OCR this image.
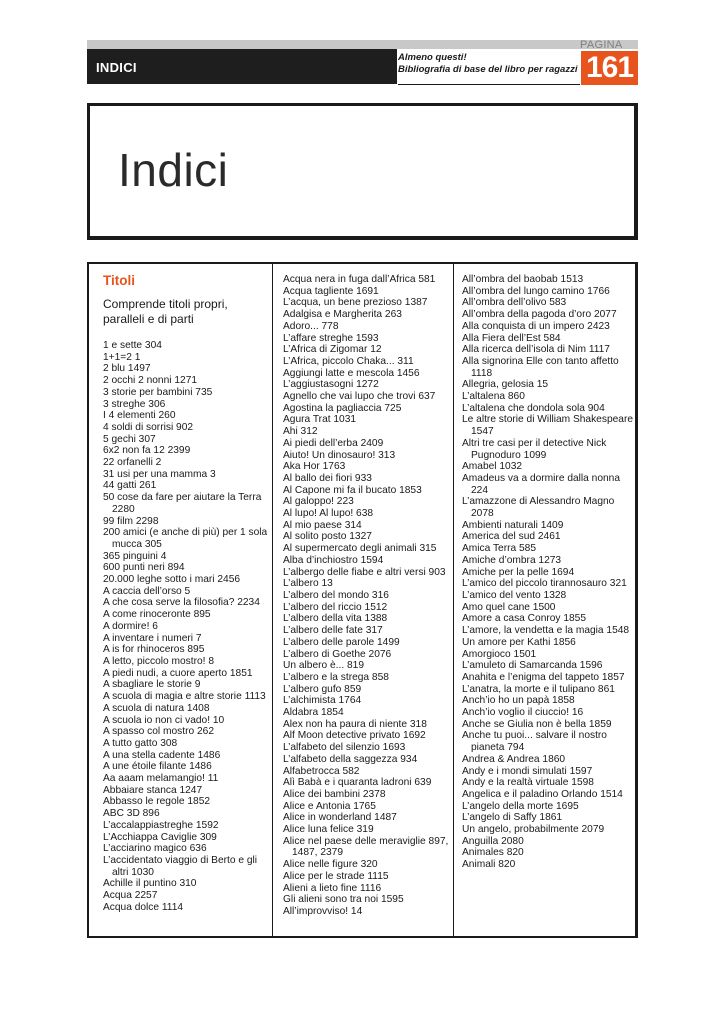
PAGINA
INDICI
Almeno questi!
Bibliografia di base del libro per ragazzi 161
Indici
Titoli
Comprende titoli propri, paralleli e di parti
1 e sette 304
1+1=2 1
2 blu 1497
2 occhi 2 nonni 1271
3 storie per bambini 735
3 streghe 306
I 4 elementi 260
4 soldi di sorrisi 902
5 gechi 307
6x2 non fa 12 2399
22 orfanelli 2
31 usi per una mamma 3
44 gatti 261
50 cose da fare per aiutare la Terra 2280
99 film 2298
200 amici (e anche di più) per 1 sola mucca 305
365 pinguini 4
600 punti neri 894
20.000 leghe sotto i mari 2456
A caccia dell’orso 5
A che cosa serve la filosofia? 2234
A come rinoceronte 895
A dormire! 6
A inventare i numeri 7
A is for rhinoceros 895
A letto, piccolo mostro! 8
A piedi nudi, a cuore aperto 1851
A sbagliare le storie 9
A scuola di magia e altre storie 1113
A scuola di natura 1408
A scuola io non ci vado! 10
A spasso col mostro 262
A tutto gatto 308
A una stella cadente 1486
A une étoile filante 1486
Aa aaam melamangio! 11
Abbaiare stanca 1247
Abbasso le regole 1852
ABC 3D 896
L’accalappiastreghe 1592
L’Acchiappa Caviglie 309
L’acciarino magico 636
L’accidentato viaggio di Berto e gli altri 1030
Achille il puntino 310
Acqua 2257
Acqua dolce 1114
Acqua nera in fuga dall’Africa 581
Acqua tagliente 1691
L’acqua, un bene prezioso 1387
Adalgisa e Margherita 263
Adoro... 778
L’affare streghe 1593
L’Africa di Zigomar 12
L’Africa, piccolo Chaka... 311
Aggiungi latte e mescola 1456
L’aggiustasogni 1272
Agnello che vai lupo che trovi 637
Agostina la pagliaccia 725
Agura Trat 1031
Ahi 312
Ai piedi dell’erba 2409
Aiuto! Un dinosauro! 313
Aka Hor 1763
Al ballo dei fiori 933
Al Capone mi fa il bucato 1853
Al galoppo! 223
Al lupo! Al lupo! 638
Al mio paese 314
Al solito posto 1327
Al supermercato degli animali 315
Alba d’inchiostro 1594
L’albergo delle fiabe e altri versi 903
L’albero 13
L’albero del mondo 316
L’albero del riccio 1512
L’albero della vita 1388
L’albero delle fate 317
L’albero delle parole 1499
L’albero di Goethe 2076
Un albero è... 819
L’albero e la strega 858
L’albero gufo 859
L’alchimista 1764
Aldabra 1854
Alex non ha paura di niente 318
Alf Moon detective privato 1692
L’alfabeto del silenzio 1693
L’alfabeto della saggezza 934
Alfabetrocca 582
Alì Babà e i quaranta ladroni 639
Alice dei bambini 2378
Alice e Antonia 1765
Alice in wonderland 1487
Alice luna felice 319
Alice nel paese delle meraviglie 897, 1487, 2379
Alice nelle figure 320
Alice per le strade 1115
Alieni a lieto fine 1116
Gli alieni sono tra noi 1595
All’improvviso! 14
All’ombra del baobab 1513
All’ombra del lungo camino 1766
All’ombra dell’olivo 583
All’ombra della pagoda d’oro 2077
Alla conquista di un impero 2423
Alla Fiera dell’Est 584
Alla ricerca dell’isola di Nim 1117
Alla signorina Elle con tanto affetto 1118
Allegria, gelosia 15
L’altalena 860
L’altalena che dondola sola 904
Le altre storie di William Shakespeare 1547
Altri tre casi per il detective Nick Pugnoduro 1099
Amabel 1032
Amadeus va a dormire dalla nonna 224
L’amazzone di Alessandro Magno 2078
Ambienti naturali 1409
America del sud 2461
Amica Terra 585
Amiche d’ombra 1273
Amiche per la pelle 1694
L’amico del piccolo tirannosauro 321
L’amico del vento 1328
Amo quel cane 1500
Amore a casa Conroy 1855
L’amore, la vendetta e la magia 1548
Un amore per Kathi 1856
Amorgioco 1501
L’amuleto di Samarcanda 1596
Anahita e l’enigma del tappeto 1857
L’anatra, la morte e il tulipano 861
Anch’io ho un papà 1858
Anch’io voglio il ciuccio! 16
Anche se Giulia non è bella 1859
Anche tu puoi... salvare il nostro pianeta 794
Andrea & Andrea 1860
Andy e i mondi simulati 1597
Andy e la realtà virtuale 1598
Angelica e il paladino Orlando 1514
L’angelo della morte 1695
L’angelo di Saffy 1861
Un angelo, probabilmente 2079
Anguilla 2080
Animales 820
Animali 820
